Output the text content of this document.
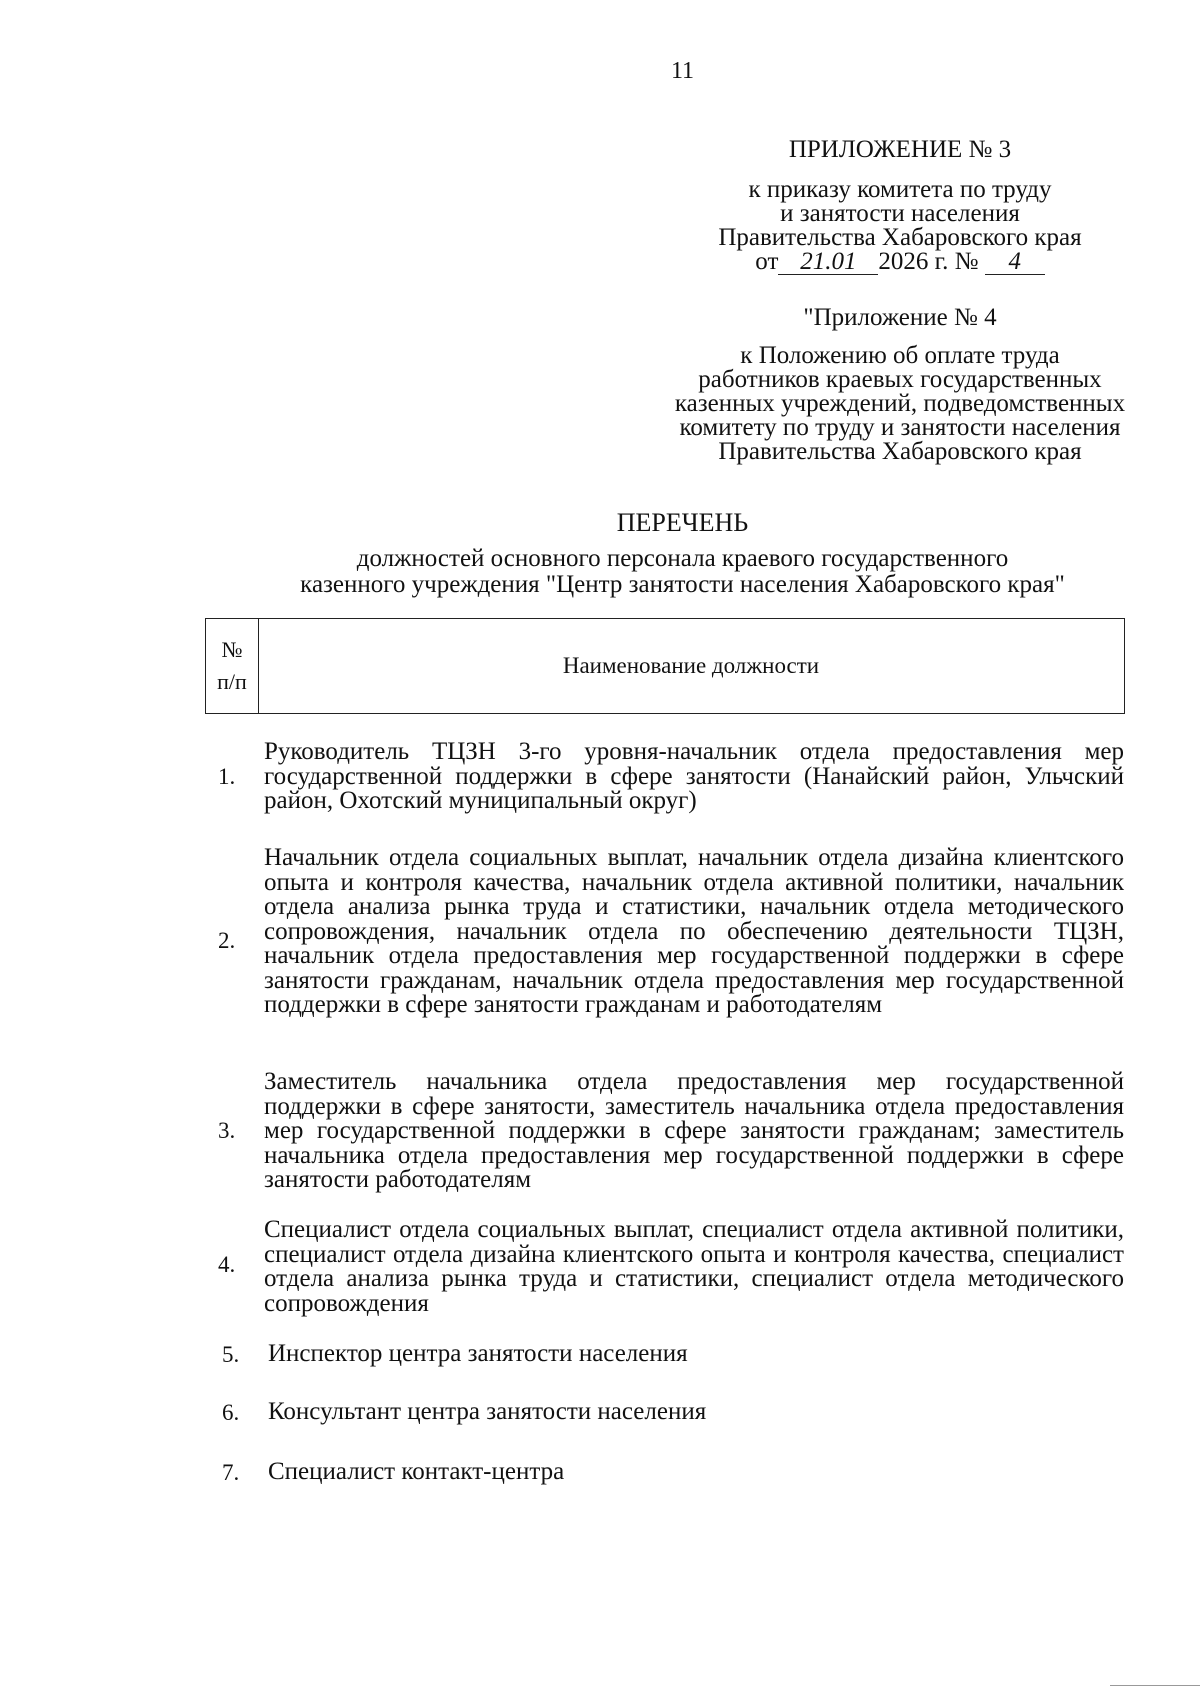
11
ПРИЛОЖЕНИЕ № 3
к приказу комитета по труду
и занятости населения
Правительства Хабаровского края
от 21.01 2026 г. № 4
"Приложение № 4
к Положению об оплате труда
работников краевых государственных
казенных учреждений, подведомственных
комитету по труду и занятости населения
Правительства Хабаровского края
ПЕРЕЧЕНЬ
должностей основного персонала краевого государственного
казенного учреждения "Центр занятости населения Хабаровского края"
№
п/п
Наименование должности
1.
Руководитель ТЦЗН 3-го уровня-начальник отдела предоставления мер государственной поддержки в сфере занятости (Нанайский район, Ульчский район, Охотский муниципальный округ)
2.
Начальник отдела социальных выплат, начальник отдела дизайна клиентского опыта и контроля качества, начальник отдела активной политики, начальник отдела анализа рынка труда и статистики, начальник отдела методического сопровождения, начальник отдела по обеспечению деятельности ТЦЗН, начальник отдела предоставления мер государственной поддержки в сфере занятости гражданам, начальник отдела предоставления мер государственной поддержки в сфере занятости гражданам и работодателям
3.
Заместитель начальника отдела предоставления мер государственной поддержки в сфере занятости, заместитель начальника отдела предоставления мер государственной поддержки в сфере занятости гражданам; заместитель начальника отдела предоставления мер государственной поддержки в сфере занятости работодателям
4.
Специалист отдела социальных выплат, специалист отдела активной политики, специалист отдела дизайна клиентского опыта и контроля качества, специалист отдела анализа рынка труда и статистики, специалист отдела методического сопровождения
5. Инспектор центра занятости населения
6. Консультант центра занятости населения
7. Специалист контакт-центра
